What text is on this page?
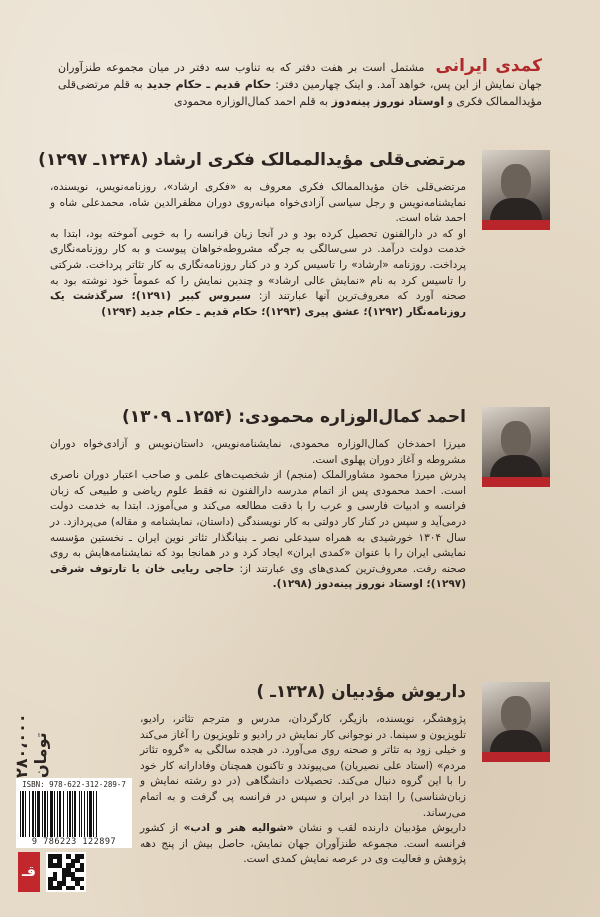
کمدی ایرانی مشتمل است بر هفت دفتر که به تناوب سه دفتر در میان مجموعه طنزآوران جهان نمایش از این پس، خواهد آمد. و اینک چهارمین دفتر: حکام قدیم ـ حکام جدید به قلم مرتضی‌قلی مؤیدالممالک فکری و اوستاد نوروز پینه‌دوز به قلم احمد کمال‌الوزاره محمودی
مرتضی‌قلی مؤیدالممالک فکری ارشاد (۱۲۴۸ـ ۱۲۹۷)

مرتضی‌قلی خان مؤیدالممالک فکری معروف به «فکری ارشاد»، روزنامه‌نویس، نویسنده، نمایشنامه‌نویس و رجل سیاسی آزادی‌خواه میانه‌روی دوران مظفرالدین شاه، محمدعلی شاه و احمد شاه است.

او که در دارالفنون تحصیل کرده بود و در آنجا زبان فرانسه را به خوبی آموخته بود، ابتدا به خدمت دولت درآمد. در سی‌سالگی به جرگه مشروطه‌خواهان پیوست و به کار روزنامه‌نگاری پرداخت. روزنامه «ارشاد» را تاسیس کرد و در کنار روزنامه‌نگاری به کار تئاتر پرداخت. شرکتی را تاسیس کرد به نام «نمایش عالی ارشاد» و چندین نمایش را که عموماً خود نوشته بود به صحنه آورد که معروف‌ترین آنها عبارتند از: سیروس کبیر (۱۲۹۱)؛ سرگذشت یک روزنامه‌نگار (۱۲۹۲)؛ عشق پیری (۱۲۹۳)؛ حکام قدیم ـ حکام جدید (۱۲۹۴)

احمد کمال‌الوزاره محمودی: (۱۲۵۴ـ ۱۳۰۹)

میرزا احمدخان کمال‌الوزاره محمودی، نمایشنامه‌نویس، داستان‌نویس و آزادی‌خواه دوران مشروطه و آغاز دوران پهلوی است.

پدرش میرزا محمود مشاورالملک (منجم) از شخصیت‌های علمی و صاحب اعتبار دوران ناصری است. احمد محمودی پس از اتمام مدرسه دارالفنون نه فقط علوم ریاضی و طبیعی که زبان فرانسه و ادبیات فارسی و عرب را با دقت مطالعه می‌کند و می‌آموزد. ابتدا به خدمت دولت درمی‌آید و سپس در کنار کار دولتی به کار نویسندگی (داستان، نمایشنامه و مقاله) می‌پردازد. در سال ۱۳۰۴ خورشیدی به همراه سیدعلی نصر ـ بنیانگذار تئاتر نوین ایران ـ نخستین مؤسسه نمایشی ایران را با عنوان «کمدی ایران» ایجاد کرد و در همانجا بود که نمایشنامه‌هایش به روی صحنه رفت. معروف‌ترین کمدی‌های وی عبارتند از: حاجی ریایی خان یا تارتوف شرقی (۱۲۹۷)؛ اوستاد نوروز پینه‌دوز (۱۲۹۸).

داریوش مؤدبیان (۱۳۲۸ـ )

پژوهشگر، نویسنده، بازیگر، کارگردان، مدرس و مترجم تئاتر، رادیو، تلویزیون و سینما. در نوجوانی کار نمایش در رادیو و تلویزیون را آغاز می‌کند و خیلی زود به تئاتر و صحنه روی می‌آورد. در هجده سالگی به «گروه تئاتر مردم» (استاد علی نصیریان) می‌پیوندد و تاکنون همچنان وفادارانه کار خود را با این گروه دنبال می‌کند. تحصیلات دانشگاهی (در دو رشته نمایش و زبان‌شناسی) را ابتدا در ایران و سپس در فرانسه پی گرفت و به اتمام می‌رساند.

داریوش مؤدبیان دارنده لقب و نشان «شوالیه هنر و ادب» از کشور فرانسه است. مجموعه طنزآوران جهان نمایش، حاصل بیش از پنج دهه پژوهش و فعالیت وی در عرصه نمایش کمدی است.

۲۸۰،۰۰۰ تومان
ISBN: 978-622-312-289-7
9 786223 122897
قـ
